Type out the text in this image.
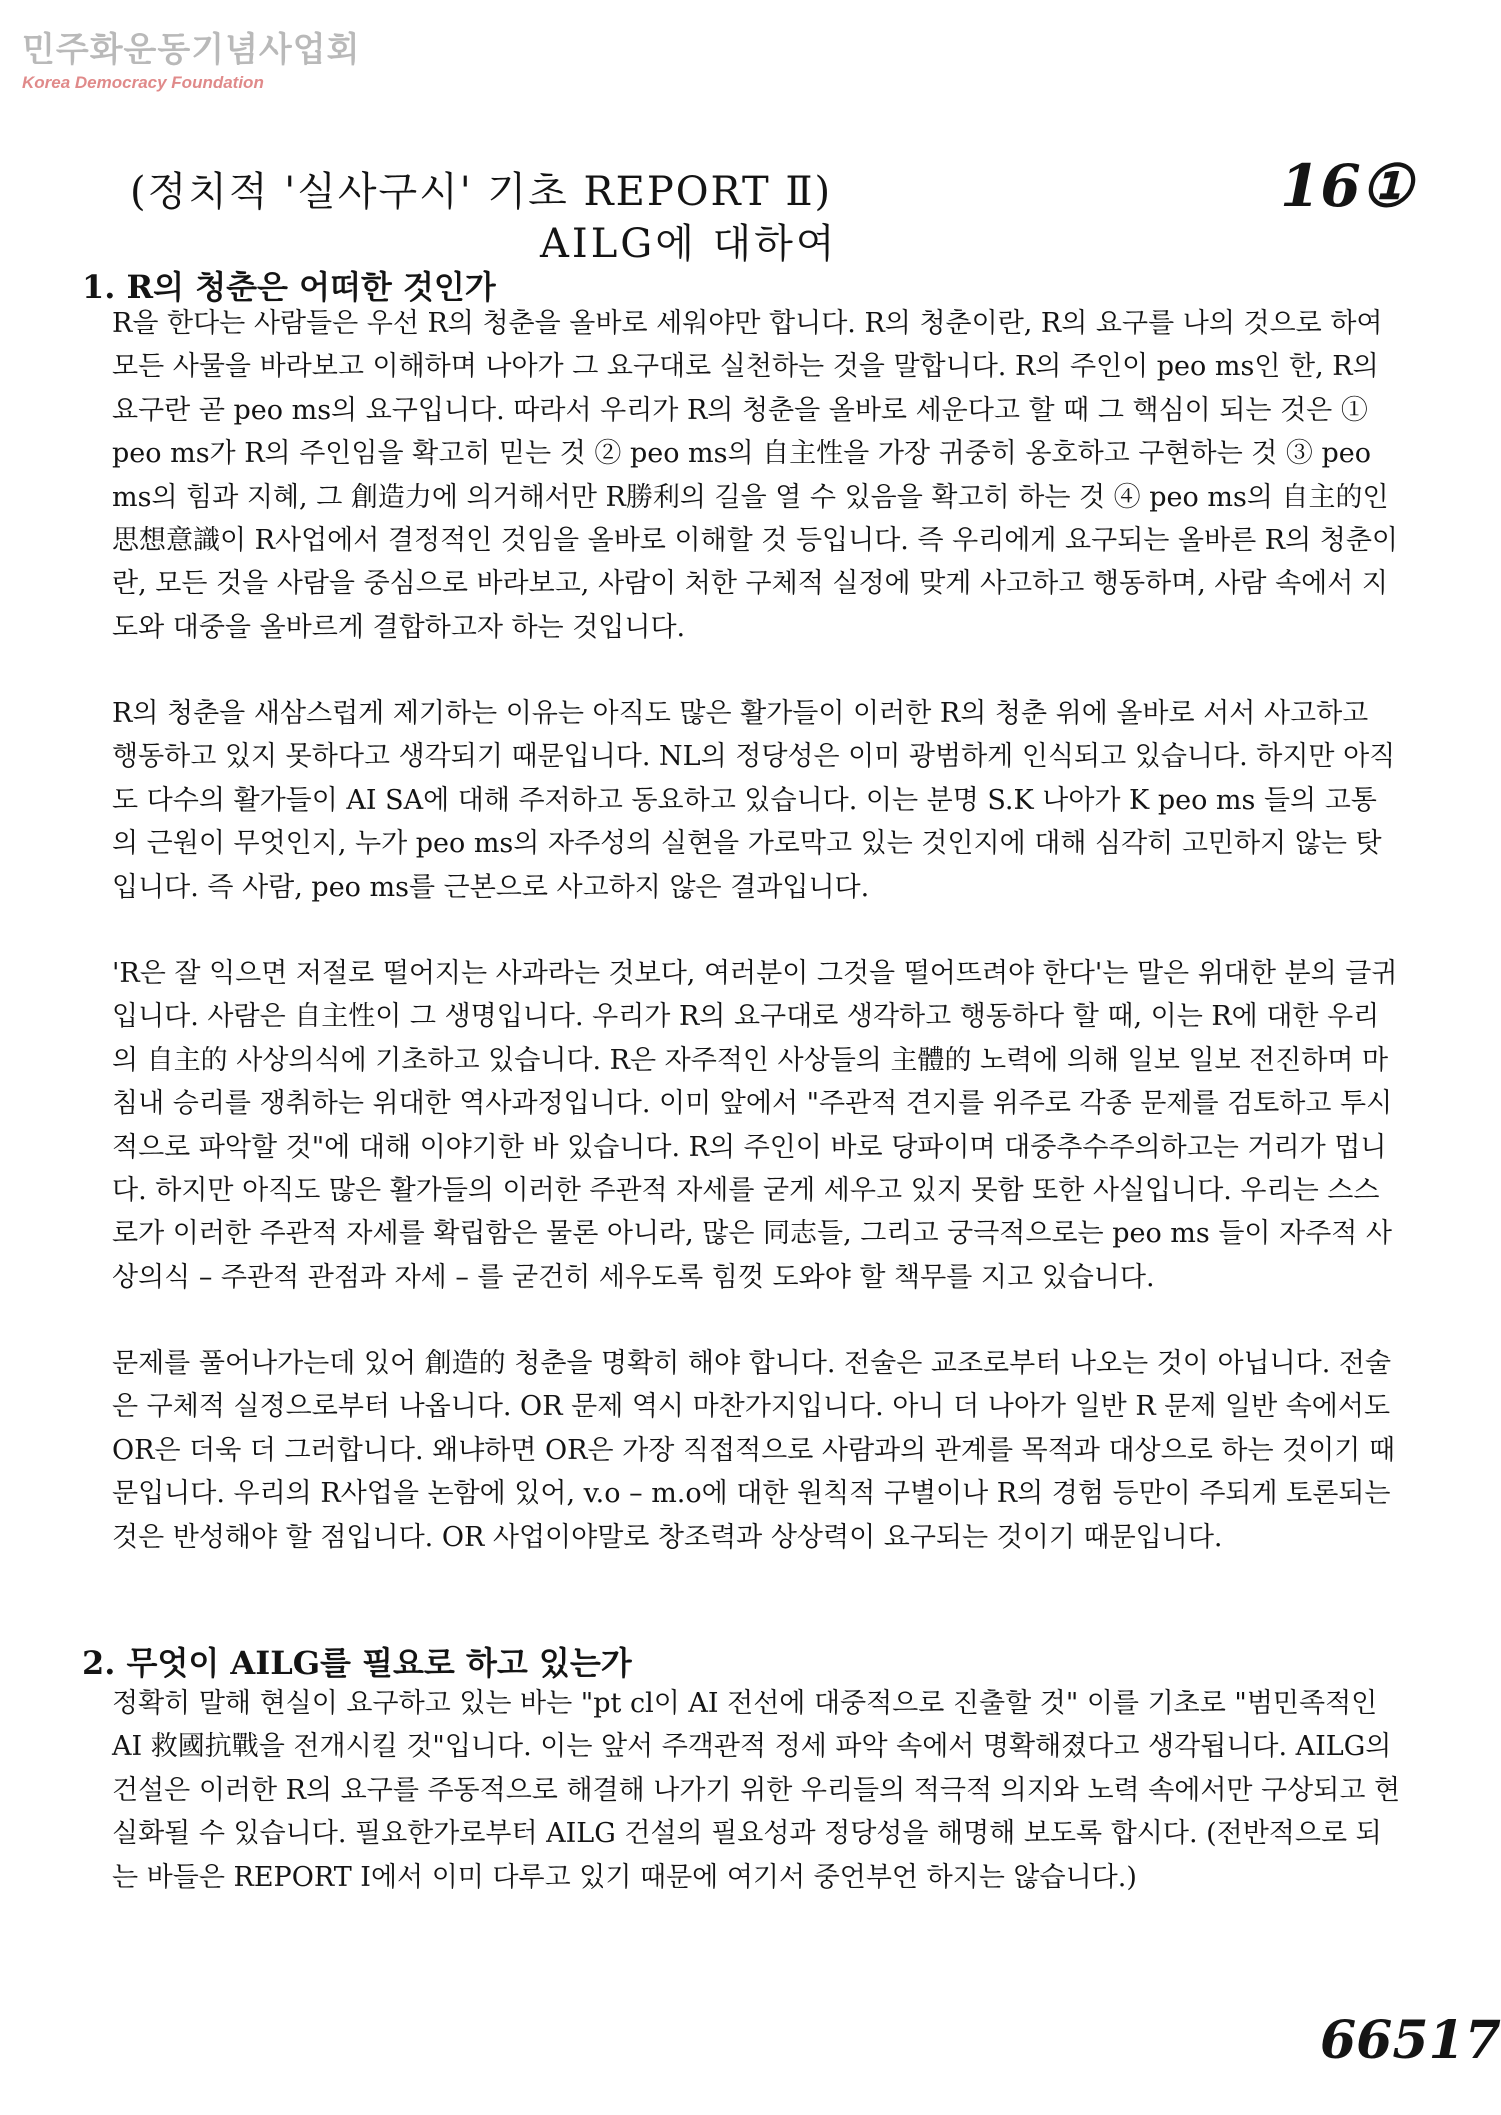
민주화운동기념사업회
Korea Democracy Foundation
16①
(정치적 '실사구시' 기초 REPORT Ⅱ)
AILG에 대하여
1. R의 청춘은 어떠한 것인가

R을 한다는 사람들은 우선 R의 청춘을 올바로 세워야만 합니다. R의 청춘이란, R의 요구를 나의 것으로 하여 모든 사물을 바라보고 이해하며 나아가 그 요구대로 실천하는 것을 말합니다. R의 주인이 peo ms인 한, R의 요구란 곧 peo ms의 요구입니다. 따라서 우리가 R의 청춘을 올바로 세운다고 할 때 그 핵심이 되는 것은 ① peo ms가 R의 주인임을 확고히 믿는 것 ② peo ms의 自主性을 가장 귀중히 옹호하고 구현하는 것 ③ peo ms의 힘과 지혜, 그 創造力에 의거해서만 R勝利의 길을 열 수 있음을 확고히 하는 것 ④ peo ms의 自主的인 思想意識이 R사업에서 결정적인 것임을 올바로 이해할 것 등입니다. 즉 우리에게 요구되는 올바른 R의 청춘이란, 모든 것을 사람을 중심으로 바라보고, 사람이 처한 구체적 실정에 맞게 사고하고 행동하며, 사람 속에서 지도와 대중을 올바르게 결합하고자 하는 것입니다.

R의 청춘을 새삼스럽게 제기하는 이유는 아직도 많은 활가들이 이러한 R의 청춘 위에 올바로 서서 사고하고 행동하고 있지 못하다고 생각되기 때문입니다. NL의 정당성은 이미 광범하게 인식되고 있습니다. 하지만 아직도 다수의 활가들이 AI SA에 대해 주저하고 동요하고 있습니다. 이는 분명 S.K 나아가 K peo ms 들의 고통의 근원이 무엇인지, 누가 peo ms의 자주성의 실현을 가로막고 있는 것인지에 대해 심각히 고민하지 않는 탓입니다. 즉 사람, peo ms를 근본으로 사고하지 않은 결과입니다.

'R은 잘 익으면 저절로 떨어지는 사과라는 것보다, 여러분이 그것을 떨어뜨려야 한다'는 말은 위대한 분의 글귀입니다. 사람은 自主性이 그 생명입니다. 우리가 R의 요구대로 생각하고 행동하다 할 때, 이는 R에 대한 우리의 自主的 사상의식에 기초하고 있습니다. R은 자주적인 사상들의 主體的 노력에 의해 일보 일보 전진하며 마침내 승리를 쟁취하는 위대한 역사과정입니다. 이미 앞에서 "주관적 견지를 위주로 각종 문제를 검토하고 투시적으로 파악할 것"에 대해 이야기한 바 있습니다. R의 주인이 바로 당파이며 대중추수주의하고는 거리가 멉니다. 하지만 아직도 많은 활가들의 이러한 주관적 자세를 굳게 세우고 있지 못함 또한 사실입니다. 우리는 스스로가 이러한 주관적 자세를 확립함은 물론 아니라, 많은 同志들, 그리고 궁극적으로는 peo ms 들이 자주적 사상의식 – 주관적 관점과 자세 – 를 굳건히 세우도록 힘껏 도와야 할 책무를 지고 있습니다.

문제를 풀어나가는데 있어 創造的 청춘을 명확히 해야 합니다. 전술은 교조로부터 나오는 것이 아닙니다. 전술은 구체적 실정으로부터 나옵니다. OR 문제 역시 마찬가지입니다. 아니 더 나아가 일반 R 문제 일반 속에서도 OR은 더욱 더 그러합니다. 왜냐하면 OR은 가장 직접적으로 사람과의 관계를 목적과 대상으로 하는 것이기 때문입니다. 우리의 R사업을 논함에 있어, v.o – m.o에 대한 원칙적 구별이나 R의 경험 등만이 주되게 토론되는 것은 반성해야 할 점입니다. OR 사업이야말로 창조력과 상상력이 요구되는 것이기 때문입니다.

2. 무엇이 AILG를 필요로 하고 있는가

정확히 말해 현실이 요구하고 있는 바는 "pt cl이 AI 전선에 대중적으로 진출할 것" 이를 기초로 "범민족적인 AI 救國抗戰을 전개시킬 것"입니다. 이는 앞서 주객관적 정세 파악 속에서 명확해졌다고 생각됩니다. AILG의 건설은 이러한 R의 요구를 주동적으로 해결해 나가기 위한 우리들의 적극적 의지와 노력 속에서만 구상되고 현실화될 수 있습니다. 필요한가로부터 AILG 건설의 필요성과 정당성을 해명해 보도록 합시다. (전반적으로 되는 바들은 REPORT Ⅰ에서 이미 다루고 있기 때문에 여기서 중언부언 하지는 않습니다.)

66517
